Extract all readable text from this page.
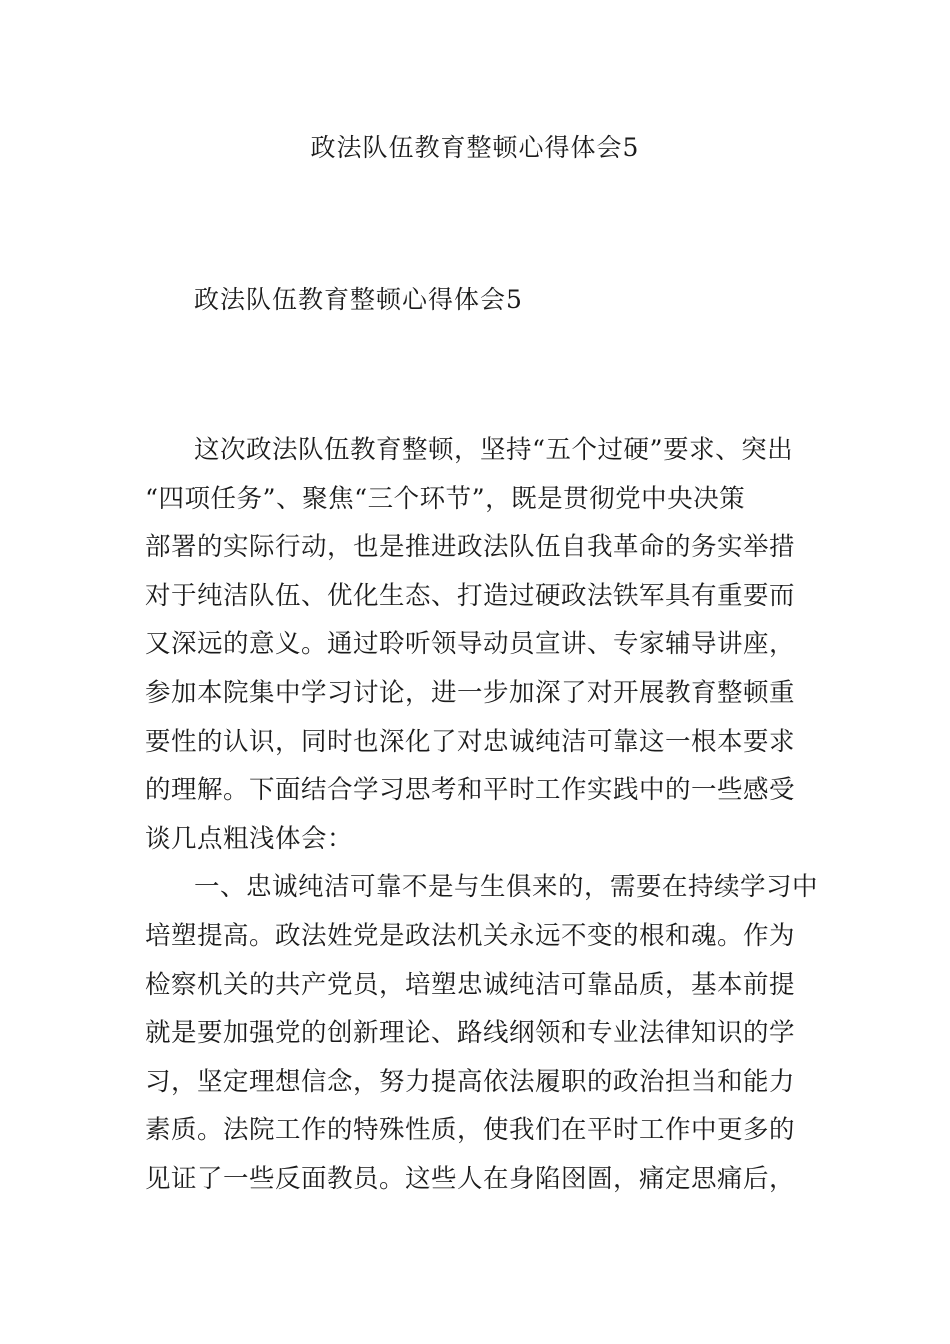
政法队伍教育整顿心得体会5

政法队伍教育整顿心得体会5

这次政法队伍教育整顿，坚持“五个过硬”要求、突出
“四项任务”、聚焦“三个环节”，既是贯彻党中央决策
部署的实际行动，也是推进政法队伍自我革命的务实举措
对于纯洁队伍、优化生态、打造过硬政法铁军具有重要而
又深远的意义。通过聆听领导动员宣讲、专家辅导讲座，
参加本院集中学习讨论，进一步加深了对开展教育整顿重
要性的认识，同时也深化了对忠诚纯洁可靠这一根本要求
的理解。下面结合学习思考和平时工作实践中的一些感受
谈几点粗浅体会：
一、忠诚纯洁可靠不是与生俱来的，需要在持续学习中
培塑提高。政法姓党是政法机关永远不变的根和魂。作为
检察机关的共产党员，培塑忠诚纯洁可靠品质，基本前提
就是要加强党的创新理论、路线纲领和专业法律知识的学
习，坚定理想信念，努力提高依法履职的政治担当和能力
素质。法院工作的特殊性质，使我们在平时工作中更多的
见证了一些反面教员。这些人在身陷囹圄，痛定思痛后，
